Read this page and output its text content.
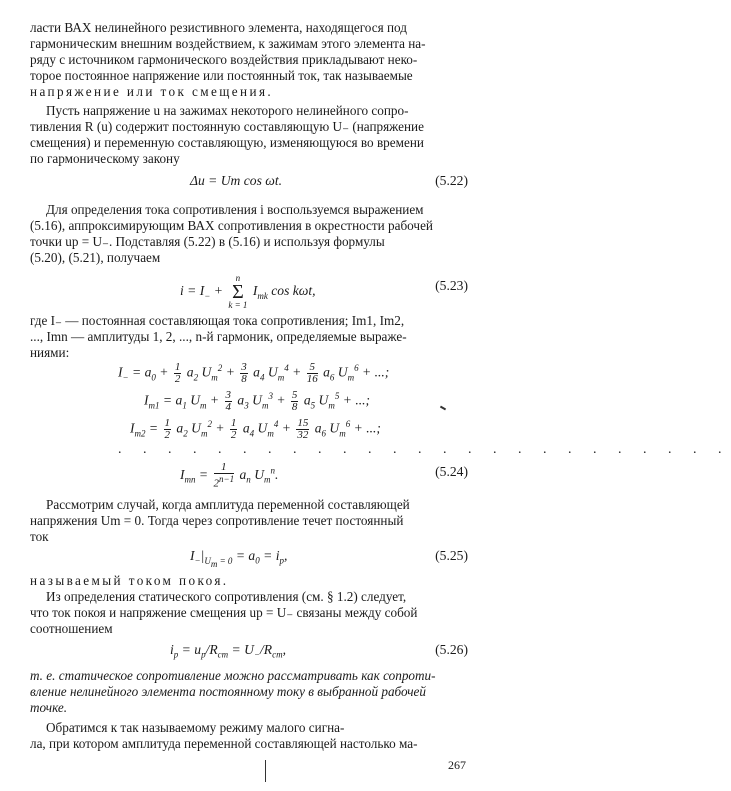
ласти ВАХ нелинейного резистивного элемента, находящегося под
гармоническим внешним воздействием, к зажимам этого элемента на-
ряду с источником гармонического воздействия прикладывают неко-
торое постоянное напряжение или постоянный ток, так называемые
напряжение или ток смещения.
Пусть напряжение u на зажимах некоторого нелинейного сопро-
тивления R (u) содержит постоянную составляющую U₋ (напряжение
смещения) и переменную составляющую, изменяющуюся во времени
по гармоническому закону
Δu = Um cos ωt.	(5.22)
Для определения тока сопротивления i воспользуемся выражением
(5.16), аппроксимирующим ВАХ сопротивления в окрестности рабочей
точки uр = U₋. Подставляя (5.22) в (5.16) и используя формулы
(5.20), (5.21), получаем
$i = I_- + n$
Σ
k = 1 $I_{mk}$ cos kωt,	(5.23)
где I₋ — постоянная составляющая тока сопротивления; Im1, Im2,
..., Imn — амплитуды 1, 2, ..., n-й гармоник, определяемые выраже-
ниями:
$I_- = a_0 + \frac{1}{2} a_2$ $U_m^2 + \frac{3}{8} a_4$ $U_m^4 + \frac{5}{16} a_6$ $U_m^6$ + ...;
$I_{m1} = a_1$ $U_m + \frac{3}{4} a_3$ $U_m^3 + \frac{5}{8} a_5$ $U_m^5$ + ...;
$I_{m2} = \frac{1}{2} a_2$ $U_m^2 + \frac{1}{2} a_4$ $U_m^4 + \frac{15}{32} a_6$ $U_m^6$ + ...;
. . . . . . . . . . . . . . . . . . . . . . . . .
$I_{mn} = \frac{1}{2^{n-1}} a_n$ $U_m^n$.	(5.24)
Рассмотрим случай, когда амплитуда переменной составляющей
напряжения Um = 0. Тогда через сопротивление течет постоянный
ток
$I_-|_{U_m = 0} = a_0 = i_р$,	(5.25)
называемый током покоя.
Из определения статического сопротивления (см. § 1.2) следует,
что ток покоя и напряжение смещения uр = U₋ связаны между собой
соотношением
$i_р = u_р/R_{ст} = U_-/R_{ст}$,	(5.26)
т. е. статическое сопротивление можно рассматривать как сопроти-
вление нелинейного элемента постоянному току в выбранной рабочей
точке.
Обратимся к так называемому режиму малого сигна-
ла, при котором амплитуда переменной составляющей настолько ма-
267
